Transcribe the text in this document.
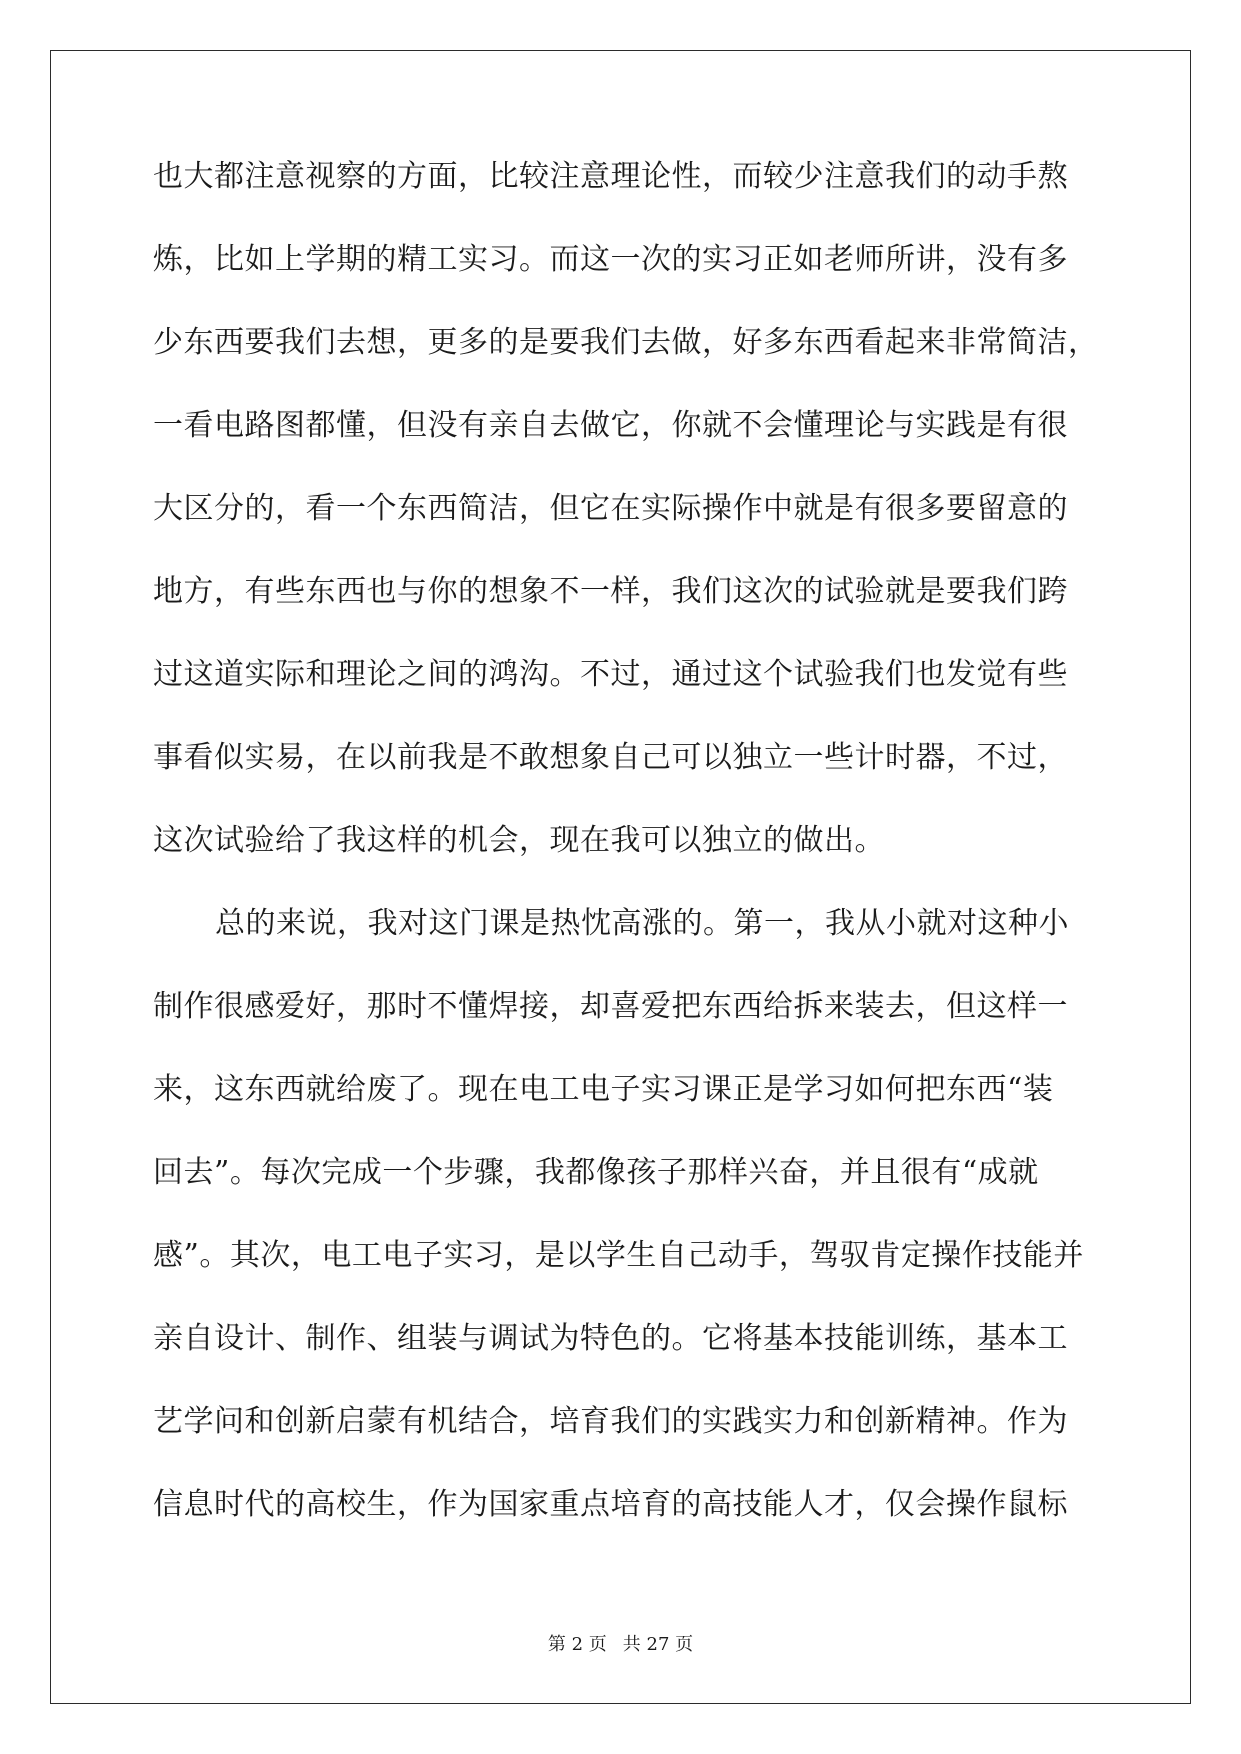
也大都注意视察的方面，比较注意理论性，而较少注意我们的动手熬
炼，比如上学期的精工实习。而这一次的实习正如老师所讲，没有多
少东西要我们去想，更多的是要我们去做，好多东西看起来非常简洁，
一看电路图都懂，但没有亲自去做它，你就不会懂理论与实践是有很
大区分的，看一个东西简洁，但它在实际操作中就是有很多要留意的
地方，有些东西也与你的想象不一样，我们这次的试验就是要我们跨
过这道实际和理论之间的鸿沟。不过，通过这个试验我们也发觉有些
事看似实易，在以前我是不敢想象自己可以独立一些计时器，不过，
这次试验给了我这样的机会，现在我可以独立的做出。
总的来说，我对这门课是热忱高涨的。第一，我从小就对这种小
制作很感爱好，那时不懂焊接，却喜爱把东西给拆来装去，但这样一
来，这东西就给废了。现在电工电子实习课正是学习如何把东西“装
回去”。每次完成一个步骤，我都像孩子那样兴奋，并且很有“成就
感”。其次，电工电子实习，是以学生自己动手，驾驭肯定操作技能并
亲自设计、制作、组装与调试为特色的。它将基本技能训练，基本工
艺学问和创新启蒙有机结合，培育我们的实践实力和创新精神。作为
信息时代的高校生，作为国家重点培育的高技能人才，仅会操作鼠标
第 2 页 共 27 页
